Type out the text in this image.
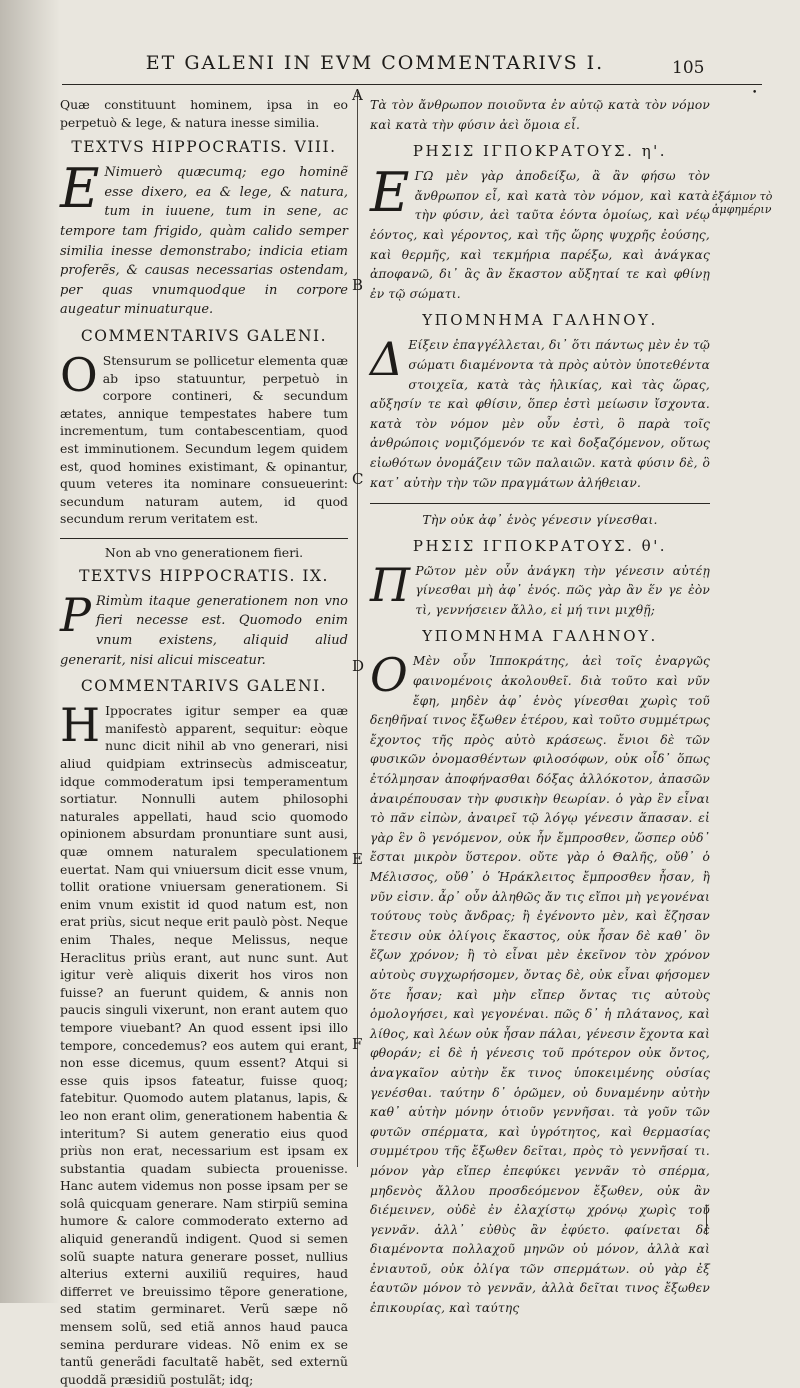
ET GALENI IN EVM COMMENTARIVS I.	105
A
B
C
D
E
F
ἐξάμιον τὸ ἀμφημέριν
•

Quæ constituunt hominem, ipsa in eo perpetuò & lege, & natura inesse similia.

TEXTVS HIPPOCRATIS. VIII.

E Nimuerò quæcumq; ego hominẽ esse dixero, ea & lege, & natura, tum in iuuene, tum in sene, ac tempore tam frigido, quàm calido semper similia inesse demonstrabo; indicia etiam proferẽs, & causas necessarias ostendam, per quas vnumquodque in corpore augeatur minuaturque.

COMMENTARIVS GALENI.

O Stensurum se pollicetur elementa quæ ab ipso statuuntur, perpetuò in corpore contineri, & secundum ætates, annique tempestates habere tum incrementum, tum contabescentiam, quod est imminutionem. Secundum legem quidem est, quod homines existimant, & opinantur, quum veteres ita nominare consueuerint: secundum naturam autem, id quod secundum rerum veritatem est.

Non ab vno generationem fieri.
TEXTVS HIPPOCRATIS. IX.

P Rimùm itaque generationem non vno fieri necesse est. Quomodo enim vnum existens, aliquid aliud generarit, nisi alicui misceatur.

COMMENTARIVS GALENI.

H Ippocrates igitur semper ea quæ manifestò apparent, sequitur: eòque nunc dicit nihil ab vno generari, nisi aliud quidpiam extrinsecùs admisceatur, idque commoderatum ipsi temperamentum sortiatur. Nonnulli autem philosophi naturales appellati, haud scio quomodo opinionem absurdam pronuntiare sunt ausi, quæ omnem naturalem speculationem euertat. Nam qui vniuersum dicit esse vnum, tollit oratione vniuersam generationem. Si enim vnum existit id quod natum est, non erat priùs, sicut neque erit paulò pòst. Neque enim Thales, neque Melissus, neque Heraclitus priùs erant, aut nunc sunt. Aut igitur verè aliquis dixerit hos viros non fuisse? an fuerunt quidem, & annis non paucis singuli vixerunt, non erant autem quo tempore viuebant? An quod essent ipsi illo tempore, concedemus? eos autem qui erant, non esse dicemus, quum essent? Atqui si esse quis ipsos fateatur, fuisse quoq; fatebitur. Quomodo autem platanus, lapis, & leo non erant olim, generationem habentia & interitum? Si autem generatio eius quod priùs non erat, necessarium est ipsam ex substantia quadam subiecta prouenisse. Hanc autem videmus non posse ipsam per se solâ quicquam generare. Nam stirpiũ semina humore & calore commoderato externo ad aliquid generandũ indigent. Quod si semen solũ suapte natura generare posset, nullius alterius externi auxiliũ requires, haud differret ve breuissimo tẽpore generatione, sed statim germinaret. Verũ sæpe nõ mensem solũ, sed etiã annos haud pauca semina perdurare videas. Nõ enim ex se tantũ generãdi facultatẽ habẽt, sed externũ quoddã præsidiũ postulãt; idq;

Τὰ τὸν ἄνθρωπον ποιοῦντα ἐν αὐτῷ κατὰ τὸν νόμον καὶ κατὰ τὴν φύσιν ἀεὶ ὅμοια εἶ.

ΡΗΣΙΣ ΙΓΠΟΚΡΑΤΟΥΣ. η'.

ΕΓΩ μὲν γὰρ ἀποδείξω, ἃ ἂν φήσω τὸν ἄνθρωπον εἶ, καὶ κατὰ τὸν νόμον, καὶ κατὰ τὴν φύσιν, ἀεὶ ταῦτα ἐόντα ὁμοίως, καὶ νέῳ ἐόντος, καὶ γέροντος, καὶ τῆς ὥρης ψυχρῆς ἐούσης, καὶ θερμῆς, καὶ τεκμήρια παρέξω, καὶ ἀνάγκας ἀποφανῶ, δι᾽ ἃς ἂν ἕκαστον αὔξηταί τε καὶ φθίνῃ ἐν τῷ σώματι.

ΥΠΟΜΝΗΜΑ ΓΑΛΗΝΟΥ.

Δ Είξειν ἐπαγγέλλεται, δι᾽ ὅτι πάντως μὲν ἐν τῷ σώματι διαμένοντα τὰ πρὸς αὐτὸν ὑποτεθέντα στοιχεῖα, κατὰ τὰς ἡλικίας, καὶ τὰς ὥρας, αὔξησίν τε καὶ φθίσιν, ὅπερ ἐστὶ μείωσιν ἴσχοντα. κατὰ τὸν νόμον μὲν οὖν ἐστὶ, ὃ παρὰ τοῖς ἀνθρώποις νομιζόμενόν τε καὶ δοξαζόμενον, οὕτως εἰωθότων ὀνομάζειν τῶν παλαιῶν. κατὰ φύσιν δὲ, ὃ κατ᾽ αὐτὴν τὴν τῶν πραγμάτων ἀλήθειαν.

Τὴν οὐκ ἀφ᾽ ἑνὸς γένεσιν γίνεσθαι.
ΡΗΣΙΣ ΙΓΠΟΚΡΑΤΟΥΣ. θ'.

Π Ρῶτον μὲν οὖν ἀνάγκη τὴν γένεσιν αὐτέῃ γίνεσθαι μὴ ἀφ᾽ ἑνός. πῶς γὰρ ἂν ἕν γε ἐὸν τὶ, γεννήσειεν ἄλλο, εἰ μή τινι μιχθῇ;

ΥΠΟΜΝΗΜΑ ΓΑΛΗΝΟΥ.

Ο Μὲν οὖν Ἱπποκράτης, ἀεὶ τοῖς ἐναργῶς φαινομένοις ἀκολουθεῖ. διὰ τοῦτο καὶ νῦν ἔφη, μηδὲν ἀφ᾽ ἑνὸς γίνεσθαι χωρὶς τοῦ δεηθῆναί τινος ἔξωθεν ἑτέρου, καὶ τοῦτο συμμέτρως ἔχοντος τῆς πρὸς αὐτὸ κράσεως. ἔνιοι δὲ τῶν φυσικῶν ὀνομασθέντων φιλοσόφων, οὐκ οἶδ᾽ ὅπως ἐτόλμησαν ἀποφήνασθαι δόξας ἀλλόκοτον, ἀπασῶν ἀναιρέπουσαν τὴν φυσικὴν θεωρίαν. ὁ γὰρ ἓν εἶναι τὸ πᾶν εἰπὼν, ἀναιρεῖ τῷ λόγῳ γένεσιν ἅπασαν. εἰ γὰρ ἓν ὃ γενόμενον, οὐκ ἦν ἔμπροσθεν, ὥσπερ οὐδ᾽ ἔσται μικρὸν ὕστερον. οὔτε γὰρ ὁ Θαλῆς, οὔθ᾽ ὁ Μέλισσος, οὔθ᾽ ὁ Ἡράκλειτος ἔμπροσθεν ἦσαν, ἢ νῦν εἰσιν. ἆρ᾽ οὖν ἀληθῶς ἄν τις εἴποι μὴ γεγονέναι τούτους τοὺς ἄνδρας; ἢ ἐγένοντο μὲν, καὶ ἔζησαν ἔτεσιν οὐκ ὀλίγοις ἕκαστος, οὐκ ἦσαν δὲ καθ᾽ ὃν ἔζων χρόνον; ἢ τὸ εἶναι μὲν ἐκεῖνον τὸν χρόνον αὐτοὺς συγχωρήσομεν, ὄντας δὲ, οὐκ εἶναι φήσομεν ὅτε ἦσαν; καὶ μὴν εἴπερ ὄντας τις αὐτοὺς ὁμολογήσει, καὶ γεγονέναι. πῶς δ᾽ ἡ πλάτανος, καὶ λίθος, καὶ λέων οὐκ ἦσαν πάλαι, γένεσιν ἔχοντα καὶ φθοράν; εἰ δὲ ἡ γένεσις τοῦ πρότερον οὐκ ὄντος, ἀναγκαῖον αὐτὴν ἔκ τινος ὑποκειμένης οὐσίας γενέσθαι. ταύτην δ᾽ ὁρῶμεν, οὐ δυναμένην αὐτὴν καθ᾽ αὑτὴν μόνην ὁτιοῦν γεννῆσαι. τὰ γοῦν τῶν φυτῶν σπέρματα, καὶ ὑγρότητος, καὶ θερμασίας συμμέτρου τῆς ἔξωθεν δεῖται, πρὸς τὸ γεννῆσαί τι. μόνον γὰρ εἴπερ ἐπεφύκει γεννᾶν τὸ σπέρμα, μηδενὸς ἄλλου προσδεόμενον ἔξωθεν, οὐκ ἂν διέμεινεν, οὐδὲ ἐν ἐλαχίστῳ χρόνῳ χωρὶς τοῦ γεννᾶν. ἀλλ᾽ εὐθὺς ἂν ἐφύετο. φαίνεται δὲ διαμένοντα πολλαχοῦ μηνῶν οὐ μόνον, ἀλλὰ καὶ ἐνιαυτοῦ, οὐκ ὀλίγα τῶν σπερμάτων. οὐ γὰρ ἐξ ἑαυτῶν μόνον τὸ γεννᾶν, ἀλλὰ δεῖται τινος ἔξωθεν ἐπικουρίας, καὶ ταύτης
